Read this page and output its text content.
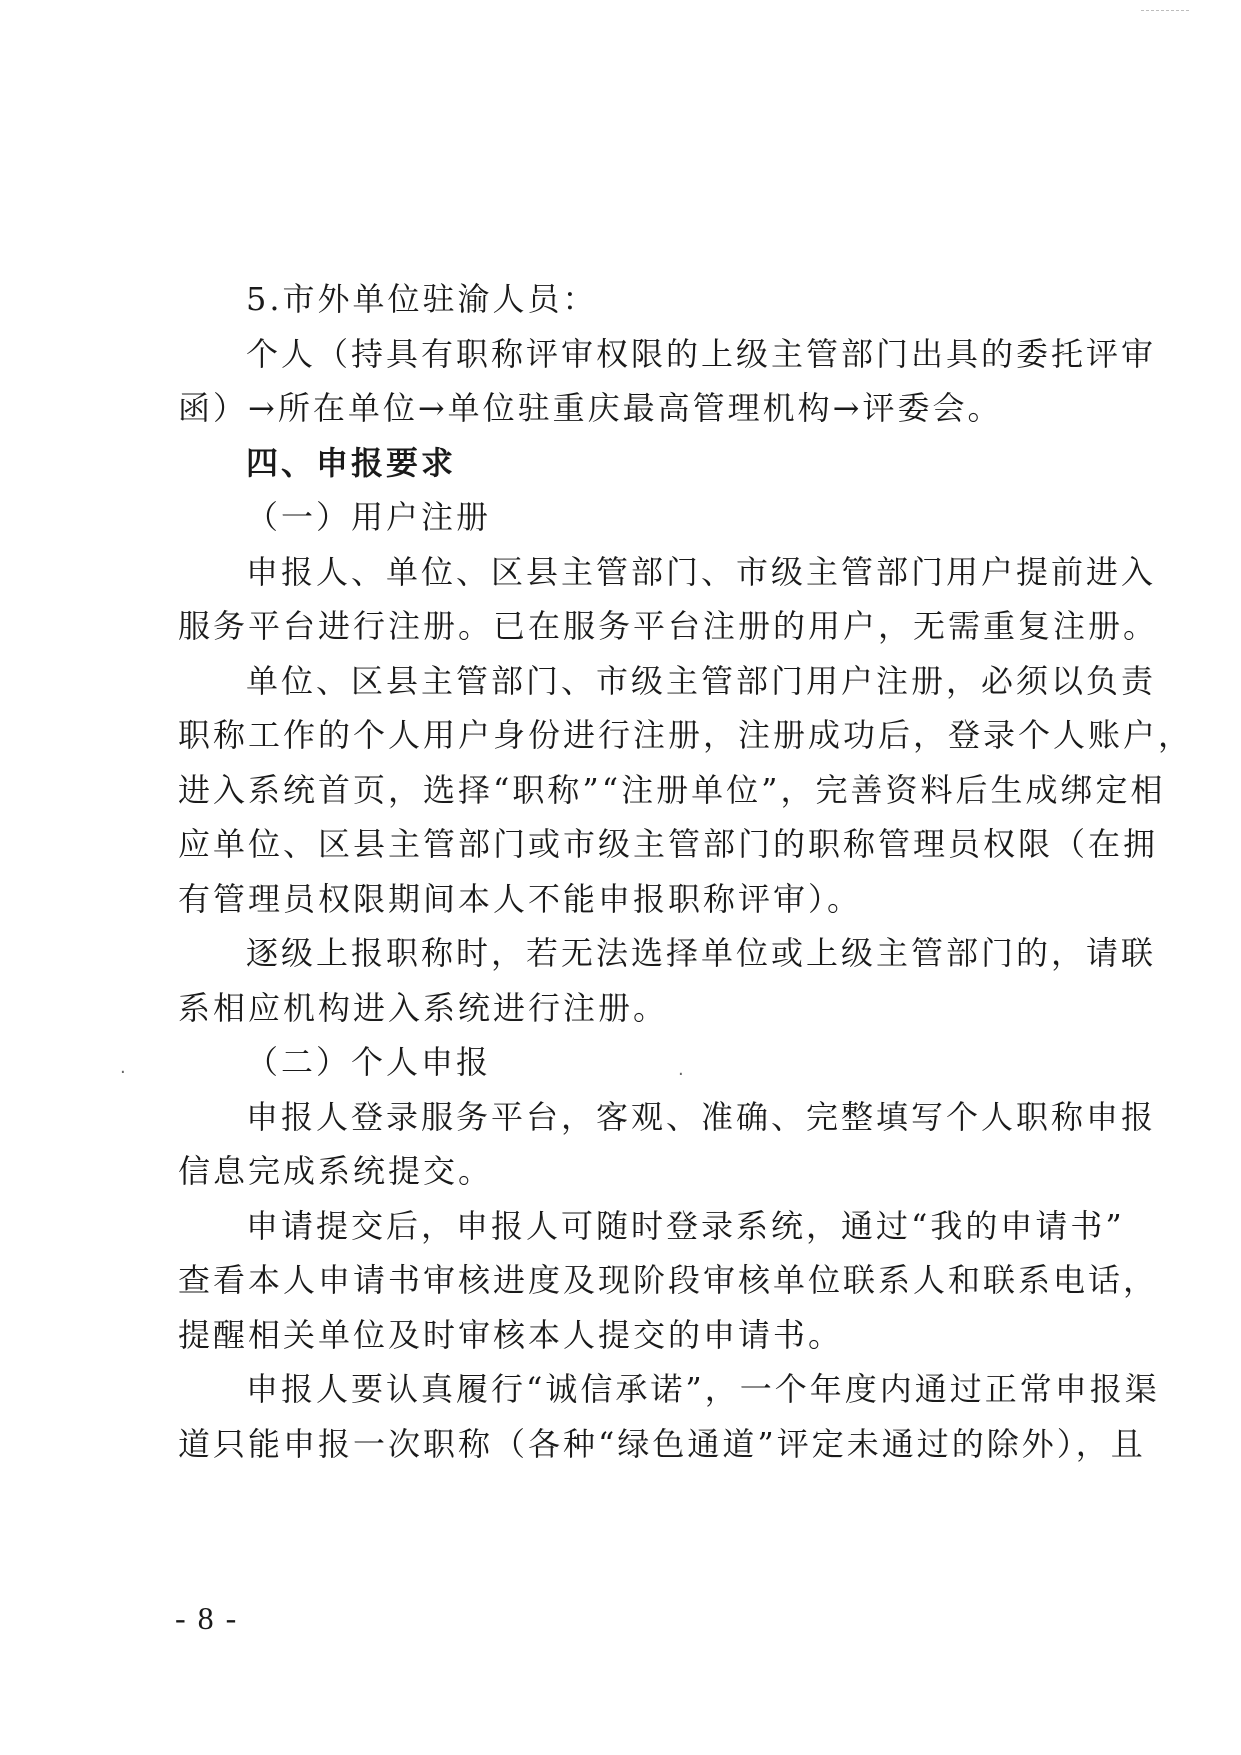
5.市外单位驻渝人员：
个人（持具有职称评审权限的上级主管部门出具的委托评审
函）→所在单位→单位驻重庆最高管理机构→评委会。
四、申报要求
（一）用户注册
申报人、单位、区县主管部门、市级主管部门用户提前进入
服务平台进行注册。已在服务平台注册的用户，无需重复注册。
单位、区县主管部门、市级主管部门用户注册，必须以负责
职称工作的个人用户身份进行注册，注册成功后，登录个人账户，
进入系统首页，选择“职称”“注册单位”，完善资料后生成绑定相
应单位、区县主管部门或市级主管部门的职称管理员权限（在拥
有管理员权限期间本人不能申报职称评审）。
逐级上报职称时，若无法选择单位或上级主管部门的，请联
系相应机构进入系统进行注册。
（二）个人申报
申报人登录服务平台，客观、准确、完整填写个人职称申报
信息完成系统提交。
申请提交后，申报人可随时登录系统，通过“我的申请书”
查看本人申请书审核进度及现阶段审核单位联系人和联系电话，
提醒相关单位及时审核本人提交的申请书。
申报人要认真履行“诚信承诺”，一个年度内通过正常申报渠
道只能申报一次职称（各种“绿色通道”评定未通过的除外），且
·	·
- 8 -
